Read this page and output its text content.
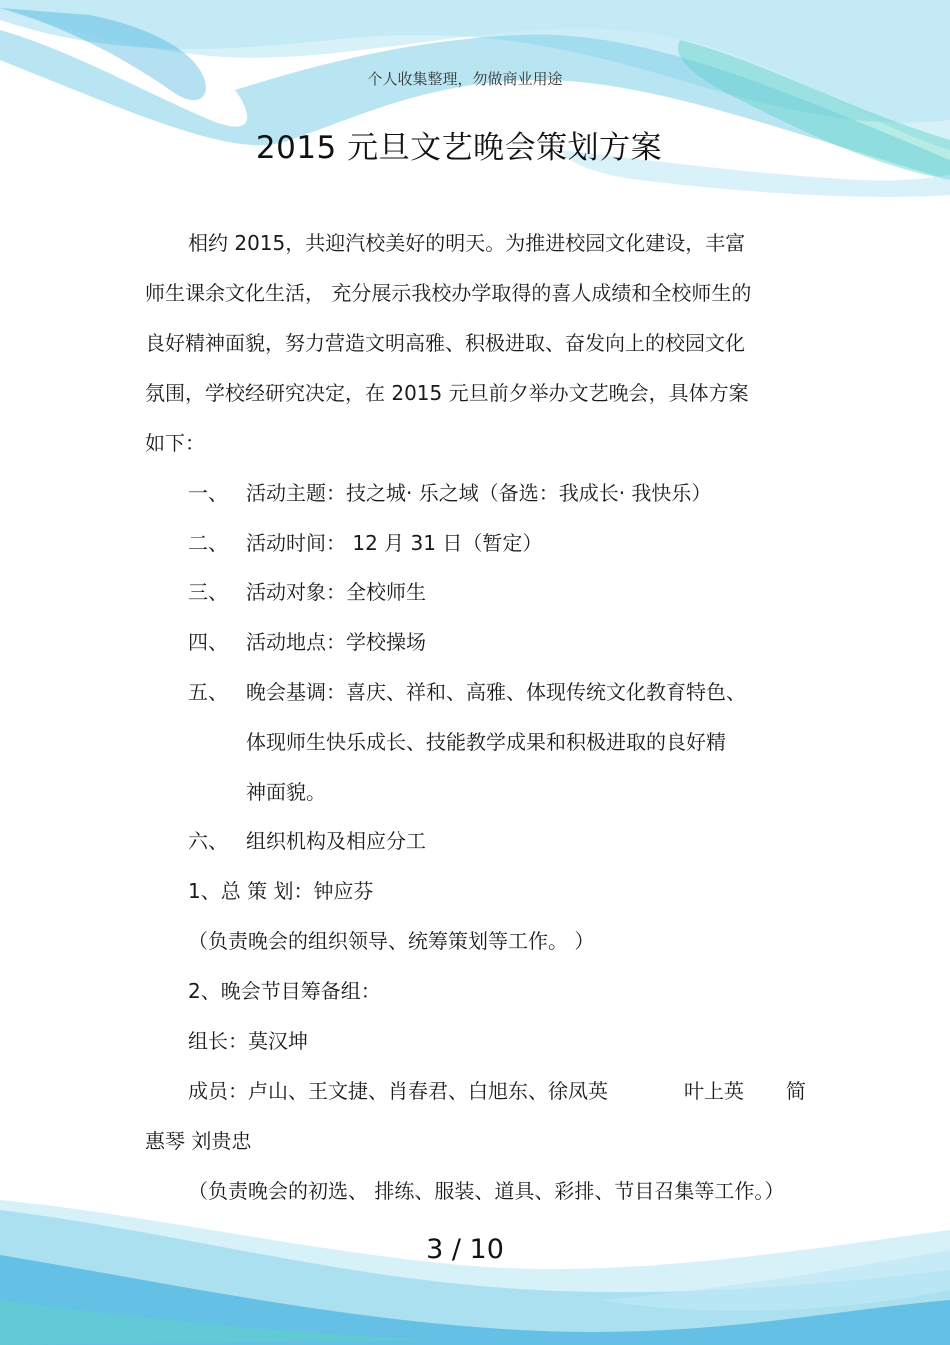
个人收集整理，勿做商业用途
2015 元旦文艺晚会策划方案
相约 2015，共迎汽校美好的明天。为推进校园文化建设，丰富
师生课余文化生活， 充分展示我校办学取得的喜人成绩和全校师生的
良好精神面貌，努力营造文明高雅、积极进取、奋发向上的校园文化
氛围，学校经研究决定，在 2015 元旦前夕举办文艺晚会，具体方案
如下：
一、 活动主题：技之城· 乐之域（备选：我成长· 我快乐）
二、 活动时间： 12 月 31 日（暂定）
三、 活动对象：全校师生
四、 活动地点：学校操场
五、 晚会基调：喜庆、祥和、高雅、体现传统文化教育特色、
体现师生快乐成长、技能教学成果和积极进取的良好精
神面貌。
六、 组织机构及相应分工
1、总 策 划：钟应芬
（负责晚会的组织领导、统筹策划等工作。 ）
2、晚会节目筹备组：
组长：莫汉坤
成员：卢山、王文捷、肖春君、白旭东、徐凤英	叶上英 简
惠琴 刘贵忠
（负责晚会的初选、 排练、服装、道具、彩排、节目召集等工作。）
3 / 10
